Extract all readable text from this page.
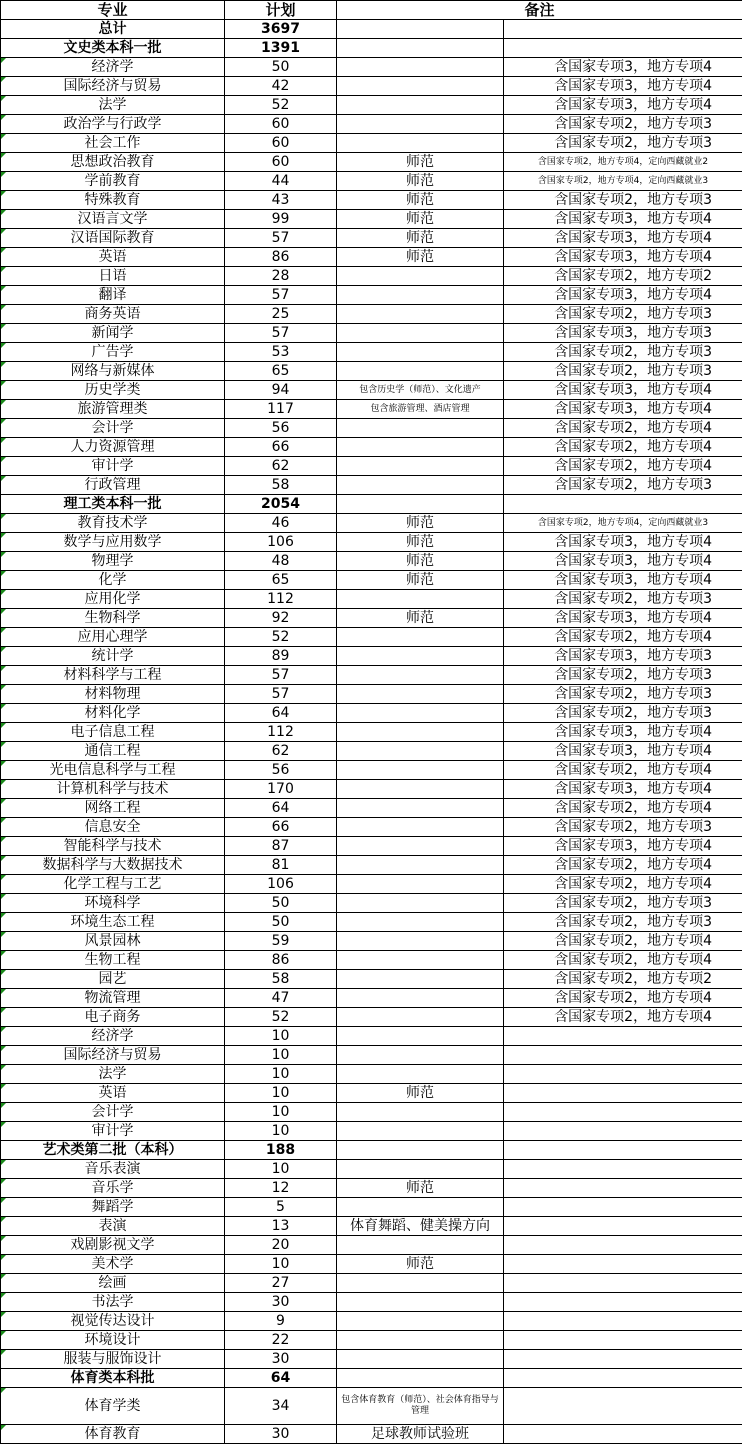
专业	计划	备注	
总计	3697		
文史类本科一批	1391		
经济学	50		含国家专项3，地方专项4
国际经济与贸易	42		含国家专项3，地方专项4
法学	52		含国家专项3，地方专项4
政治学与行政学	60		含国家专项2，地方专项3
社会工作	60		含国家专项2，地方专项3
思想政治教育	60	师范	含国家专项2，地方专项4，定向西藏就业2
学前教育	44	师范	含国家专项2，地方专项4，定向西藏就业3
特殊教育	43	师范	含国家专项2，地方专项3
汉语言文学	99	师范	含国家专项3，地方专项4
汉语国际教育	57	师范	含国家专项3，地方专项4
英语	86	师范	含国家专项3，地方专项4
日语	28		含国家专项2，地方专项2
翻译	57		含国家专项3，地方专项4
商务英语	25		含国家专项2，地方专项3
新闻学	57		含国家专项3，地方专项3
广告学	53		含国家专项2，地方专项3
网络与新媒体	65		含国家专项2，地方专项3
历史学类	94	包含历史学（师范）、文化遗产	含国家专项3，地方专项4
旅游管理类	117	包含旅游管理、酒店管理	含国家专项3，地方专项4
会计学	56		含国家专项2，地方专项4
人力资源管理	66		含国家专项2，地方专项4
审计学	62		含国家专项2，地方专项4
行政管理	58		含国家专项2，地方专项3
理工类本科一批	2054		
教育技术学	46	师范	含国家专项2，地方专项4，定向西藏就业3
数学与应用数学	106	师范	含国家专项3，地方专项4
物理学	48	师范	含国家专项3，地方专项4
化学	65	师范	含国家专项3，地方专项4
应用化学	112		含国家专项2，地方专项3
生物科学	92	师范	含国家专项3，地方专项4
应用心理学	52		含国家专项2，地方专项4
统计学	89		含国家专项3，地方专项3
材料科学与工程	57		含国家专项2，地方专项3
材料物理	57		含国家专项2，地方专项3
材料化学	64		含国家专项2，地方专项3
电子信息工程	112		含国家专项3，地方专项4
通信工程	62		含国家专项3，地方专项4
光电信息科学与工程	56		含国家专项2，地方专项4
计算机科学与技术	170		含国家专项3，地方专项4
网络工程	64		含国家专项2，地方专项4
信息安全	66		含国家专项2，地方专项3
智能科学与技术	87		含国家专项3，地方专项4
数据科学与大数据技术	81		含国家专项2，地方专项4
化学工程与工艺	106		含国家专项2，地方专项4
环境科学	50		含国家专项2，地方专项3
环境生态工程	50		含国家专项2，地方专项3
风景园林	59		含国家专项2，地方专项4
生物工程	86		含国家专项2，地方专项4
园艺	58		含国家专项2，地方专项2
物流管理	47		含国家专项2，地方专项4
电子商务	52		含国家专项2，地方专项4
经济学	10		
国际经济与贸易	10		
法学	10		
英语	10	师范	
会计学	10		
审计学	10		
艺术类第二批（本科）	188		
音乐表演	10		
音乐学	12	师范	
舞蹈学	5		
表演	13	体育舞蹈、健美操方向	
戏剧影视文学	20		
美术学	10	师范	
绘画	27		
书法学	30		
视觉传达设计	9		
环境设计	22		
服装与服饰设计	30		
体育类本科批	64		
体育学类	34	包含体育教育（师范）、社会体育指导与管理	
体育教育	30	足球教师试验班	
